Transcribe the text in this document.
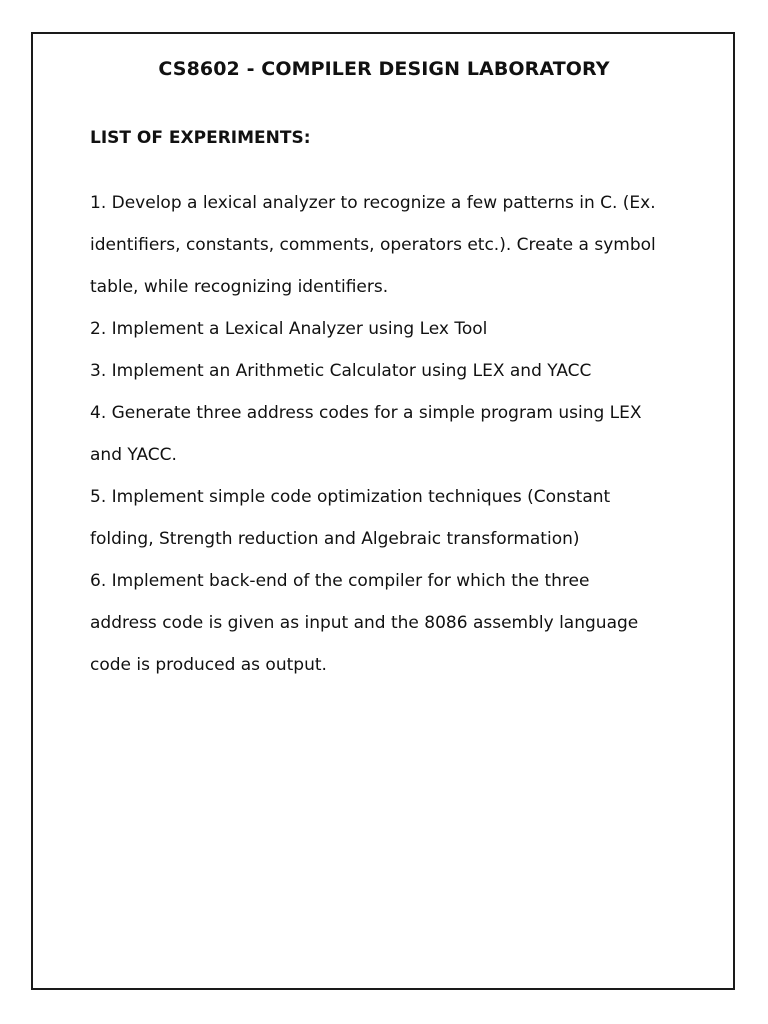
CS8602 - COMPILER DESIGN LABORATORY
LIST OF EXPERIMENTS:
1. Develop a lexical analyzer to recognize a few patterns in C. (Ex.
identifiers, constants, comments, operators etc.). Create a symbol
table, while recognizing identifiers.
2. Implement a Lexical Analyzer using Lex Tool
3. Implement an Arithmetic Calculator using LEX and YACC
4. Generate three address codes for a simple program using LEX
and YACC.
5. Implement simple code optimization techniques (Constant
folding, Strength reduction and Algebraic transformation)
6. Implement back-end of the compiler for which the three
address code is given as input and the 8086 assembly language
code is produced as output.
